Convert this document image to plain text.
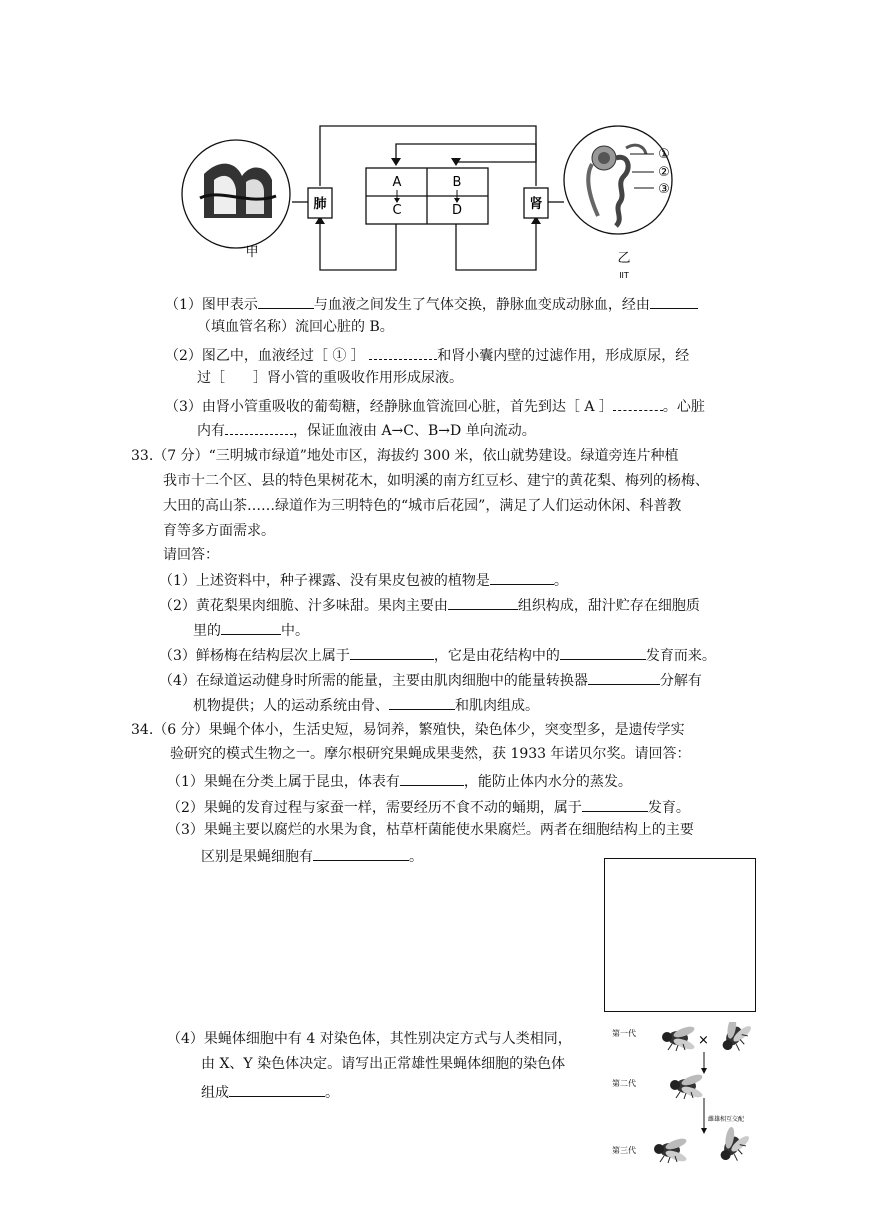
A	B
C	D
肺	肾
甲
①
②
③
乙
IIT
（1）图甲表示	与血液之间发生了气体交换，静脉血变成动脉血，经由
（填血管名称）流回心脏的 B。
（2）图乙中，血液经过［ ① ］	和肾小囊内壁的过滤作用，形成原尿，经
过［　　］肾小管的重吸收作用形成尿液。
（3）由肾小管重吸收的葡萄糖，经静脉血管流回心脏，首先到达［ A ］	。心脏
内有	，保证血液由 A→C、B→D 单向流动。
33.（7 分）“三明城市绿道”地处市区，海拔约 300 米，依山就势建设。绿道旁连片种植
我市十二个区、县的特色果树花木，如明溪的南方红豆杉、建宁的黄花梨、梅列的杨梅、
大田的高山茶……绿道作为三明特色的“城市后花园”，满足了人们运动休闲、科普教
育等多方面需求。
请回答：
（1）上述资料中，种子裸露、没有果皮包被的植物是	。
（2）黄花梨果肉细脆、汁多味甜。果肉主要由	组织构成，甜汁贮存在细胞质
里的	中。
（3）鲜杨梅在结构层次上属于	，它是由花结构中的	发育而来。
（4）在绿道运动健身时所需的能量，主要由肌肉细胞中的能量转换器	分解有
机物提供；人的运动系统由骨、	和肌肉组成。
34.（6 分）果蝇个体小，生活史短，易饲养，繁殖快，染色体少，突变型多，是遗传学实
验研究的模式生物之一。摩尔根研究果蝇成果斐然，获 1933 年诺贝尔奖。请回答：
（1）果蝇在分类上属于昆虫，体表有	，能防止体内水分的蒸发。
（2）果蝇的发育过程与家蚕一样，需要经历不食不动的蛹期，属于	发育。
（3）果蝇主要以腐烂的水果为食，枯草杆菌能使水果腐烂。两者在细胞结构上的主要
区别是果蝇细胞有	。
（4）果蝇体细胞中有 4 对染色体，其性别决定方式与人类相同，
由 X、Y 染色体决定。请写出正常雄性果蝇体细胞的染色体
组成	。
第一代	×
第二代
雌雄相互交配
第三代
